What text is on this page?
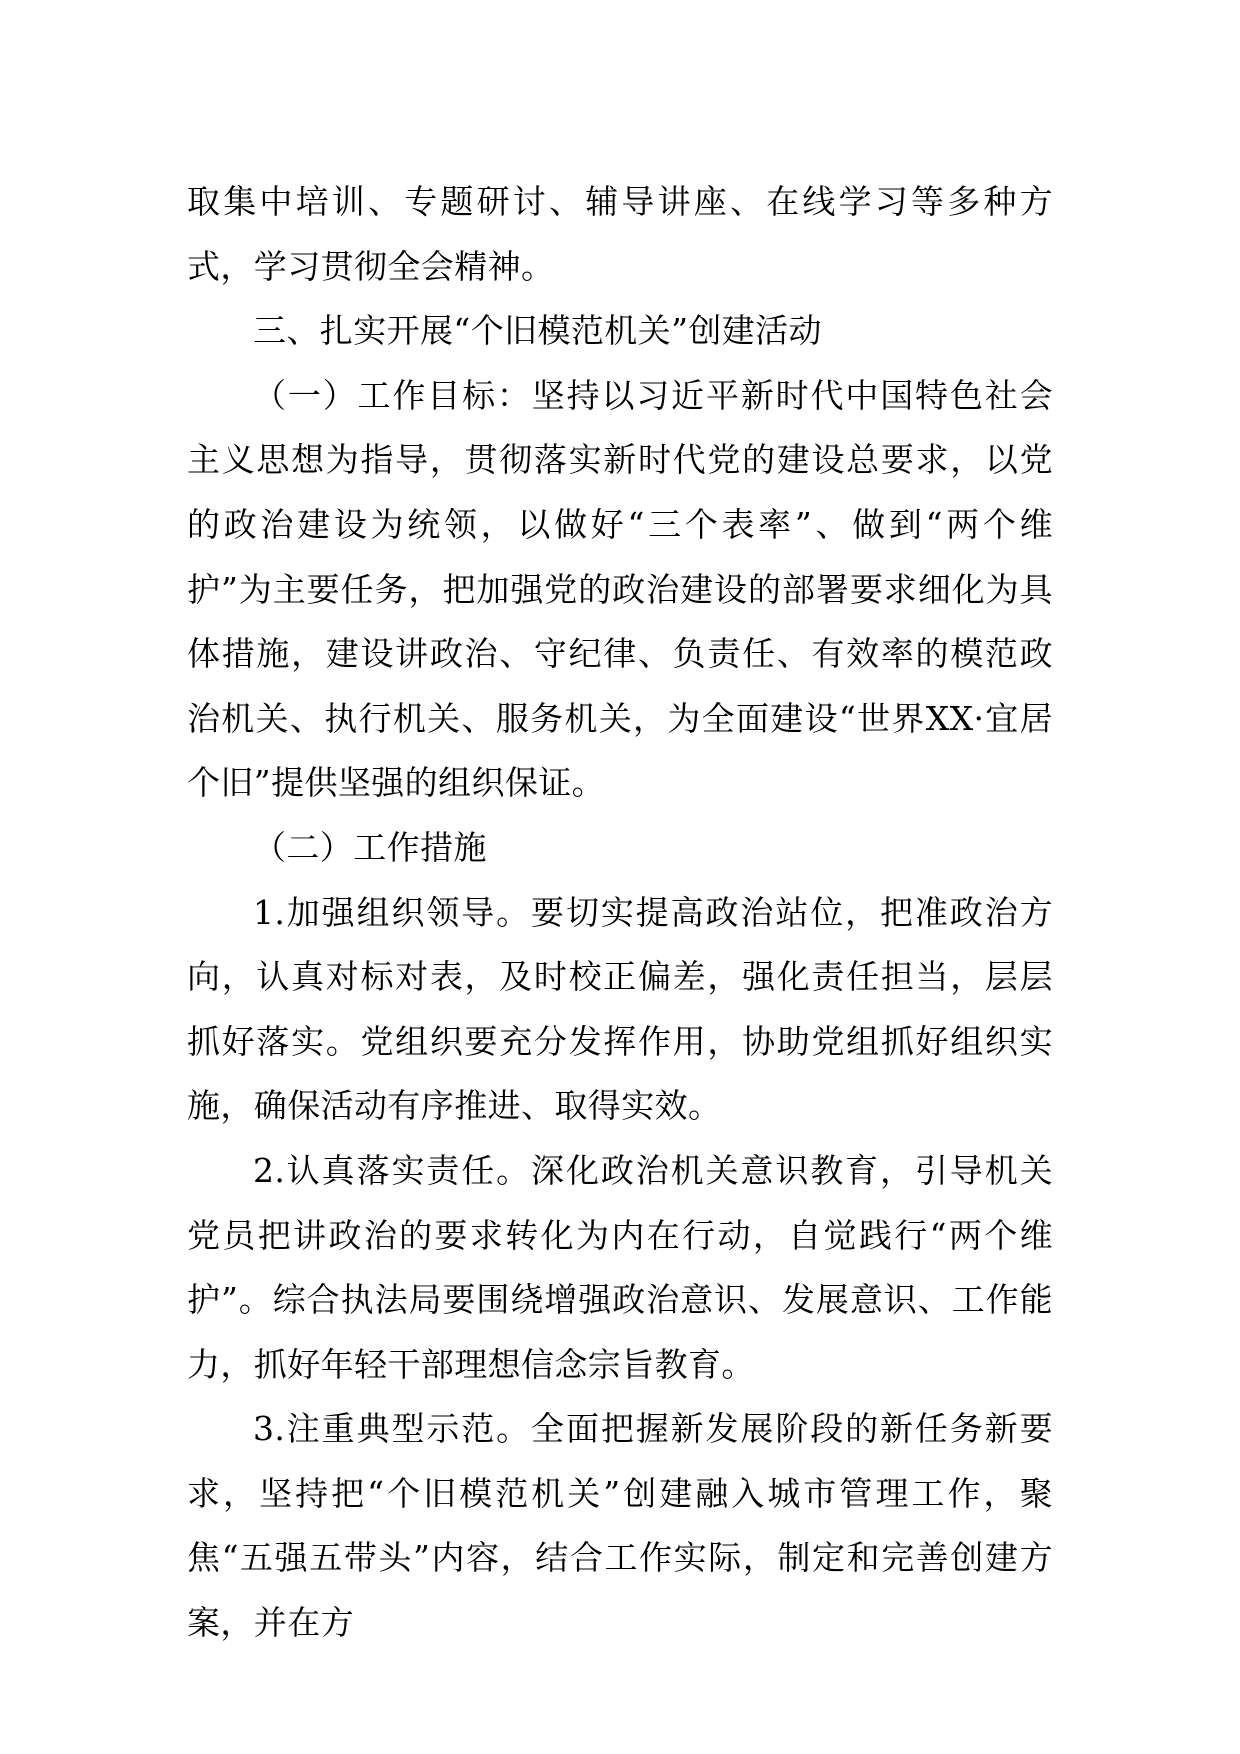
取集中培训、专题研讨、辅导讲座、在线学习等多种方式，学习贯彻全会精神。

三、扎实开展“个旧模范机关”创建活动

（一）工作目标：坚持以习近平新时代中国特色社会主义思想为指导，贯彻落实新时代党的建设总要求，以党的政治建设为统领，以做好“三个表率”、做到“两个维护”为主要任务，把加强党的政治建设的部署要求细化为具体措施，建设讲政治、守纪律、负责任、有效率的模范政治机关、执行机关、服务机关，为全面建设“世界XX·宜居个旧”提供坚强的组织保证。

（二）工作措施

1.加强组织领导。要切实提高政治站位，把准政治方向，认真对标对表，及时校正偏差，强化责任担当，层层抓好落实。党组织要充分发挥作用，协助党组抓好组织实施，确保活动有序推进、取得实效。

2.认真落实责任。深化政治机关意识教育，引导机关党员把讲政治的要求转化为内在行动，自觉践行“两个维护”。综合执法局要围绕增强政治意识、发展意识、工作能力，抓好年轻干部理想信念宗旨教育。

3.注重典型示范。全面把握新发展阶段的新任务新要求，坚持把“个旧模范机关”创建融入城市管理工作，聚焦“五强五带头”内容，结合工作实际，制定和完善创建方案，并在方
